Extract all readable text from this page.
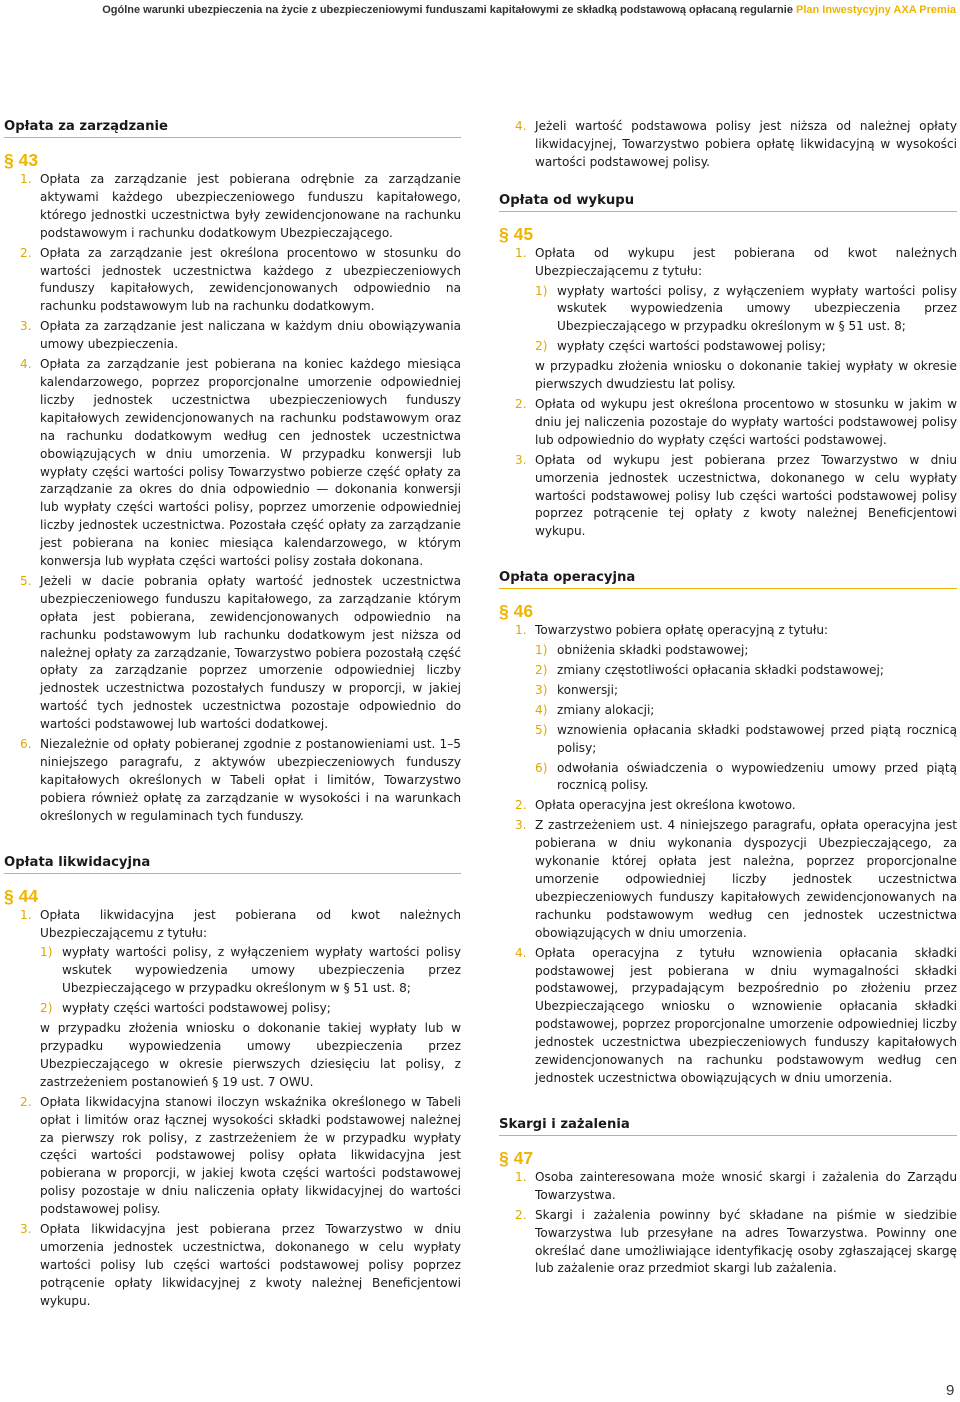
Ogólne warunki ubezpieczenia na życie z ubezpieczeniowymi funduszami kapitałowymi ze składką podstawową opłacaną regularnie Plan Inwestycyjny AXA Premia
Opłata za zarządzanie
§ 43
1. Opłata za zarządzanie jest pobierana odrębnie za zarządzanie aktywami każdego ubezpieczeniowego funduszu kapitałowego, którego jednostki uczestnictwa były zewidencjonowane na rachunku podstawowym i rachunku dodatkowym Ubezpieczającego.
2. Opłata za zarządzanie jest określona procentowo w stosunku do wartości jednostek uczestnictwa każdego z ubezpieczeniowych funduszy kapitałowych, zewidencjonowanych odpowiednio na rachunku podstawowym lub na rachunku dodatkowym.
3. Opłata za zarządzanie jest naliczana w każdym dniu obowiązywania umowy ubezpieczenia.
4. Opłata za zarządzanie jest pobierana na koniec każdego miesiąca kalendarzowego, poprzez proporcjonalne umorzenie odpowiedniej liczby jednostek uczestnictwa ubezpieczeniowych funduszy kapitałowych zewidencjonowanych na rachunku podstawowym oraz na rachunku dodatkowym według cen jednostek uczestnictwa obowiązujących w dniu umorzenia. W przypadku konwersji lub wypłaty części wartości polisy Towarzystwo pobierze część opłaty za zarządzanie za okres do dnia odpowiednio — dokonania konwersji lub wypłaty części wartości polisy, poprzez umorzenie odpowiedniej liczby jednostek uczestnictwa. Pozostała część opłaty za zarządzanie jest pobierana na koniec miesiąca kalendarzowego, w którym konwersja lub wypłata części wartości polisy została dokonana.
5. Jeżeli w dacie pobrania opłaty wartość jednostek uczestnictwa ubezpieczeniowego funduszu kapitałowego, za zarządzanie którym opłata jest pobierana, zewidencjonowanych odpowiednio na rachunku podstawowym lub rachunku dodatkowym jest niższa od należnej opłaty za zarządzanie, Towarzystwo pobiera pozostałą część opłaty za zarządzanie poprzez umorzenie odpowiedniej liczby jednostek uczestnictwa pozostałych funduszy w proporcji, w jakiej wartość tych jednostek uczestnictwa pozostaje odpowiednio do wartości podstawowej lub wartości dodatkowej.
6. Niezależnie od opłaty pobieranej zgodnie z postanowieniami ust. 1–5 niniejszego paragrafu, z aktywów ubezpieczeniowych funduszy kapitałowych określonych w Tabeli opłat i limitów, Towarzystwo pobiera również opłatę za zarządzanie w wysokości i na warunkach określonych w regulaminach tych funduszy.
Opłata likwidacyjna
§ 44
1. Opłata likwidacyjna jest pobierana od kwot należnych Ubezpieczającemu z tytułu:
1) wypłaty wartości polisy, z wyłączeniem wypłaty wartości polisy wskutek wypowiedzenia umowy ubezpieczenia przez Ubezpieczającego w przypadku określonym w § 51 ust. 8;
2) wypłaty części wartości podstawowej polisy;
w przypadku złożenia wniosku o dokonanie takiej wypłaty lub w przypadku wypowiedzenia umowy ubezpieczenia przez Ubezpieczającego w okresie pierwszych dziesięciu lat polisy, z zastrzeżeniem postanowień § 19 ust. 7 OWU.
2. Opłata likwidacyjna stanowi iloczyn wskaźnika określonego w Tabeli opłat i limitów oraz łącznej wysokości składki podstawowej należnej za pierwszy rok polisy, z zastrzeżeniem że w przypadku wypłaty części wartości podstawowej polisy opłata likwidacyjna jest pobierana w proporcji, w jakiej kwota części wartości podstawowej polisy pozostaje w dniu naliczenia opłaty likwidacyjnej do wartości podstawowej polisy.
3. Opłata likwidacyjna jest pobierana przez Towarzystwo w dniu umorzenia jednostek uczestnictwa, dokonanego w celu wypłaty wartości polisy lub części wartości podstawowej polisy poprzez potrącenie opłaty likwidacyjnej z kwoty należnej Beneficjentowi wykupu.
4. Jeżeli wartość podstawowa polisy jest niższa od należnej opłaty likwidacyjnej, Towarzystwo pobiera opłatę likwidacyjną w wysokości wartości podstawowej polisy.
Opłata od wykupu
§ 45
1. Opłata od wykupu jest pobierana od kwot należnych Ubezpieczającemu z tytułu:
1) wypłaty wartości polisy, z wyłączeniem wypłaty wartości polisy wskutek wypowiedzenia umowy ubezpieczenia przez Ubezpieczającego w przypadku określonym w § 51 ust. 8;
2) wypłaty części wartości podstawowej polisy;
w przypadku złożenia wniosku o dokonanie takiej wypłaty w okresie pierwszych dwudziestu lat polisy.
2. Opłata od wykupu jest określona procentowo w stosunku w jakim w dniu jej naliczenia pozostaje do wypłaty wartości podstawowej polisy lub odpowiednio do wypłaty części wartości podstawowej.
3. Opłata od wykupu jest pobierana przez Towarzystwo w dniu umorzenia jednostek uczestnictwa, dokonanego w celu wypłaty wartości podstawowej polisy lub części wartości podstawowej polisy poprzez potrącenie tej opłaty z kwoty należnej Beneficjentowi wykupu.
Opłata operacyjna
§ 46
1. Towarzystwo pobiera opłatę operacyjną z tytułu:
1) obniżenia składki podstawowej;
2) zmiany częstotliwości opłacania składki podstawowej;
3) konwersji;
4) zmiany alokacji;
5) wznowienia opłacania składki podstawowej przed piątą rocznicą polisy;
6) odwołania oświadczenia o wypowiedzeniu umowy przed piątą rocznicą polisy.
2. Opłata operacyjna jest określona kwotowo.
3. Z zastrzeżeniem ust. 4 niniejszego paragrafu, opłata operacyjna jest pobierana w dniu wykonania dyspozycji Ubezpieczającego, za wykonanie której opłata jest należna, poprzez proporcjonalne umorzenie odpowiedniej liczby jednostek uczestnictwa ubezpieczeniowych funduszy kapitałowych zewidencjonowanych na rachunku podstawowym według cen jednostek uczestnictwa obowiązujących w dniu umorzenia.
4. Opłata operacyjna z tytułu wznowienia opłacania składki podstawowej jest pobierana w dniu wymagalności składki podstawowej, przypadającym bezpośrednio po złożeniu przez Ubezpieczającego wniosku o wznowienie opłacania składki podstawowej, poprzez proporcjonalne umorzenie odpowiedniej liczby jednostek uczestnictwa ubezpieczeniowych funduszy kapitałowych zewidencjonowanych na rachunku podstawowym według cen jednostek uczestnictwa obowiązujących w dniu umorzenia.
Skargi i zażalenia
§ 47
1. Osoba zainteresowana może wnosić skargi i zażalenia do Zarządu Towarzystwa.
2. Skargi i zażalenia powinny być składane na piśmie w siedzibie Towarzystwa lub przesyłane na adres Towarzystwa. Powinny one określać dane umożliwiające identyfikację osoby zgłaszającej skargę lub zażalenie oraz przedmiot skargi lub zażalenia.
9
